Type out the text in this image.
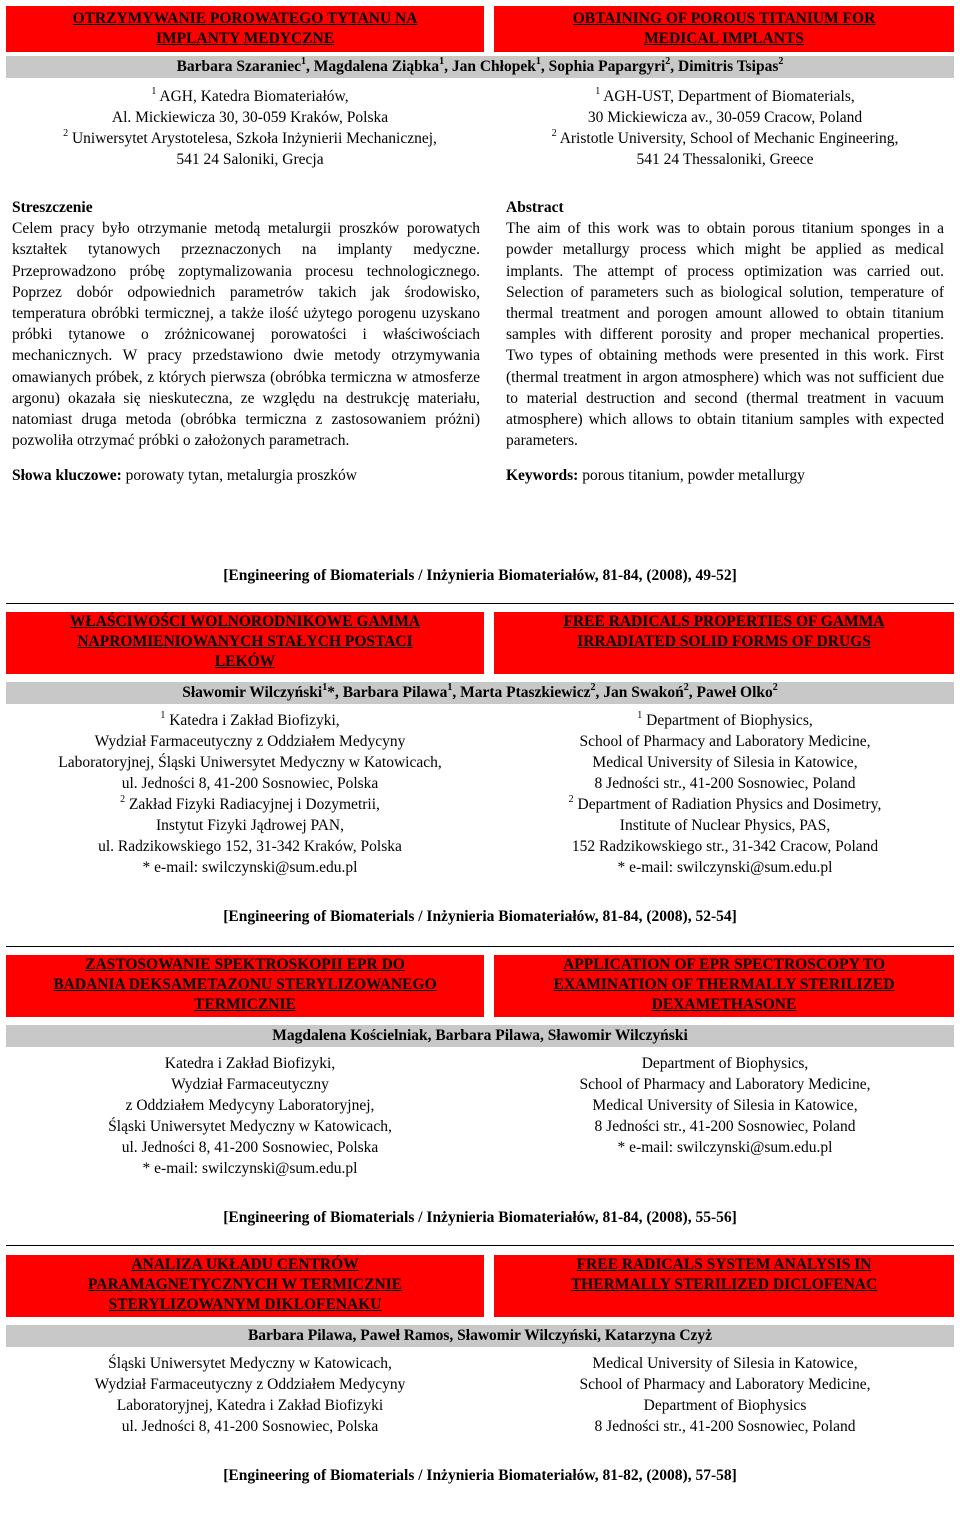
OTRZYMYWANIE POROWATEGO TYTANU NA
IMPLANTY MEDYCZNE
OBTAINING OF POROUS TITANIUM FOR
MEDICAL IMPLANTS
Barbara Szaraniec$^1$, Magdalena Ziąbka$^1$, Jan Chłopek$^1$, Sophia Papargyri$^2$, Dimitris Tsipas$^2$
$^1$ AGH, Katedra Biomateriałów,
Al. Mickiewicza 30, 30-059 Kraków, Polska
$^2$ Uniwersytet Arystotelesa, Szkoła Inżynierii Mechanicznej,
541 24 Saloniki, Grecja
$^1$ AGH-UST, Department of Biomaterials,
30 Mickiewicza av., 30-059 Cracow, Poland
$^2$ Aristotle University, School of Mechanic Engineering,
541 24 Thessaloniki, Greece
Streszczenie
Celem pracy było otrzymanie metodą metalurgii proszków porowatych kształtek tytanowych przeznaczonych na implanty medyczne. Przeprowadzono próbę zoptymalizowania procesu technologicznego. Poprzez dobór odpowiednich parametrów takich jak środowisko, temperatura obróbki termicznej, a także ilość użytego porogenu uzyskano próbki tytanowe o zróżnicowanej porowatości i właściwościach mechanicznych. W pracy przedstawiono dwie metody otrzymywania omawianych próbek, z których pierwsza (obróbka termiczna w atmosferze argonu) okazała się nieskuteczna, ze względu na destrukcję materiału, natomiast druga metoda (obróbka termiczna z zastosowaniem próżni) pozwoliła otrzymać próbki o założonych parametrach.
Słowa kluczowe: porowaty tytan, metalurgia proszków
Abstract
The aim of this work was to obtain porous titanium sponges in a powder metallurgy process which might be applied as medical implants. The attempt of process optimization was carried out. Selection of parameters such as biological solution, temperature of thermal treatment and porogen amount allowed to obtain titanium samples with different porosity and proper mechanical properties. Two types of obtaining methods were presented in this work. First (thermal treatment in argon atmosphere) which was not sufficient due to material destruction and second (thermal treatment in vacuum atmosphere) which allows to obtain titanium samples with expected parameters.
Keywords: porous titanium, powder metallurgy
[Engineering of Biomaterials / Inżynieria Biomateriałów, 81-84, (2008), 49-52]
WŁAŚCIWOŚCI WOLNORODNIKOWE GAMMA
NAPROMIENIOWANYCH STAŁYCH POSTACI
LEKÓW
FREE RADICALS PROPERTIES OF GAMMA
IRRADIATED SOLID FORMS OF DRUGS
Sławomir Wilczyński$^1$*, Barbara Pilawa$^1$, Marta Ptaszkiewicz$^2$, Jan Swakoń$^2$, Paweł Olko$^2$
$^1$ Katedra i Zakład Biofizyki,
Wydział Farmaceutyczny z Oddziałem Medycyny
Laboratoryjnej, Śląski Uniwersytet Medyczny w Katowicach,
ul. Jedności 8, 41-200 Sosnowiec, Polska
$^2$ Zakład Fizyki Radiacyjnej i Dozymetrii,
Instytut Fizyki Jądrowej PAN,
ul. Radzikowskiego 152, 31-342 Kraków, Polska
* e-mail: swilczynski@sum.edu.pl
$^1$ Department of Biophysics,
School of Pharmacy and Laboratory Medicine,
Medical University of Silesia in Katowice,
8 Jedności str., 41-200 Sosnowiec, Poland
$^2$ Department of Radiation Physics and Dosimetry,
Institute of Nuclear Physics, PAS,
152 Radzikowskiego str., 31-342 Cracow, Poland
* e-mail: swilczynski@sum.edu.pl
[Engineering of Biomaterials / Inżynieria Biomateriałów, 81-84, (2008), 52-54]
ZASTOSOWANIE SPEKTROSKOPII EPR DO
BADANIA DEKSAMETAZONU STERYLIZOWANEGO
TERMICZNIE
APPLICATION OF EPR SPECTROSCOPY TO
EXAMINATION OF THERMALLY STERILIZED
DEXAMETHASONE
Magdalena Kościelniak, Barbara Pilawa, Sławomir Wilczyński
Katedra i Zakład Biofizyki,
Wydział Farmaceutyczny
z Oddziałem Medycyny Laboratoryjnej,
Śląski Uniwersytet Medyczny w Katowicach,
ul. Jedności 8, 41-200 Sosnowiec, Polska
* e-mail: swilczynski@sum.edu.pl
Department of Biophysics,
School of Pharmacy and Laboratory Medicine,
Medical University of Silesia in Katowice,
8 Jedności str., 41-200 Sosnowiec, Poland
* e-mail: swilczynski@sum.edu.pl
[Engineering of Biomaterials / Inżynieria Biomateriałów, 81-84, (2008), 55-56]
ANALIZA UKŁADU CENTRÓW
PARAMAGNETYCZNYCH W TERMICZNIE
STERYLIZOWANYM DIKLOFENAKU
FREE RADICALS SYSTEM ANALYSIS IN
THERMALLY STERILIZED DICLOFENAC
Barbara Pilawa, Paweł Ramos, Sławomir Wilczyński, Katarzyna Czyż
Śląski Uniwersytet Medyczny w Katowicach,
Wydział Farmaceutyczny z Oddziałem Medycyny
Laboratoryjnej, Katedra i Zakład Biofizyki
ul. Jedności 8, 41-200 Sosnowiec, Polska
Medical University of Silesia in Katowice,
School of Pharmacy and Laboratory Medicine,
Department of Biophysics
8 Jedności str., 41-200 Sosnowiec, Poland
[Engineering of Biomaterials / Inżynieria Biomateriałów, 81-82, (2008), 57-58]
